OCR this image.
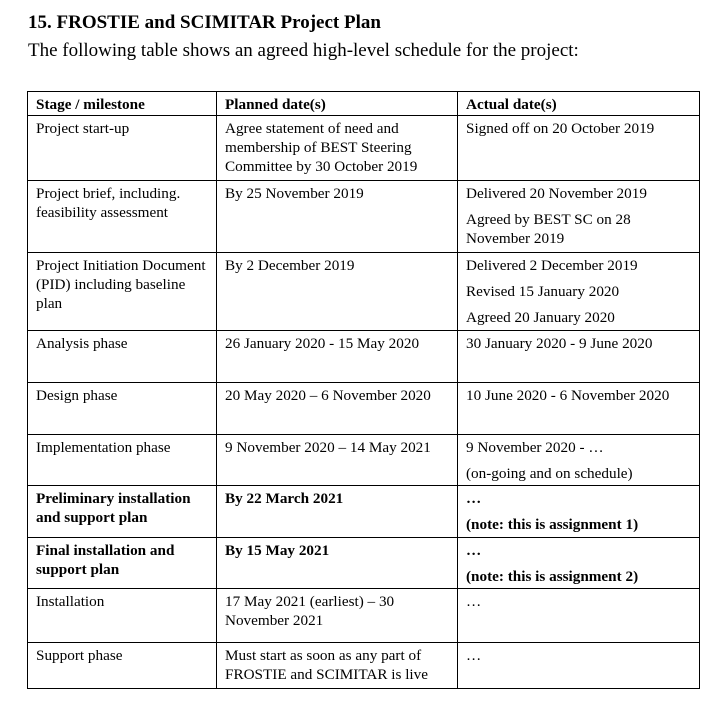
15. FROSTIE and SCIMITAR Project Plan

The following table shows an agreed high-level schedule for the project:

Stage / milestone	Planned date(s)	Actual date(s)

Project start-up	Agree statement of need and membership of BEST Steering Committee by 30 October 2019	Signed off on 20 October 2019

Project brief, including. feasibility assessment	By 25 November 2019	Delivered 20 November 2019
Agreed by BEST SC on 28 November 2019

Project Initiation Document (PID) including baseline plan	By 2 December 2019	Delivered 2 December 2019
Revised 15 January 2020
Agreed 20 January 2020

Analysis phase	26 January 2020 - 15 May 2020	30 January 2020 - 9 June 2020

Design phase	20 May 2020 – 6 November 2020	10 June 2020 - 6 November 2020

Implementation phase	9 November 2020 – 14 May 2021	9 November 2020 - …
(on-going and on schedule)

Preliminary installation and support plan	By 22 March 2021	…
(note: this is assignment 1)

Final installation and support plan	By 15 May 2021	…
(note: this is assignment 2)

Installation	17 May 2021 (earliest) – 30 November 2021	…

Support phase	Must start as soon as any part of FROSTIE and SCIMITAR is live	…
